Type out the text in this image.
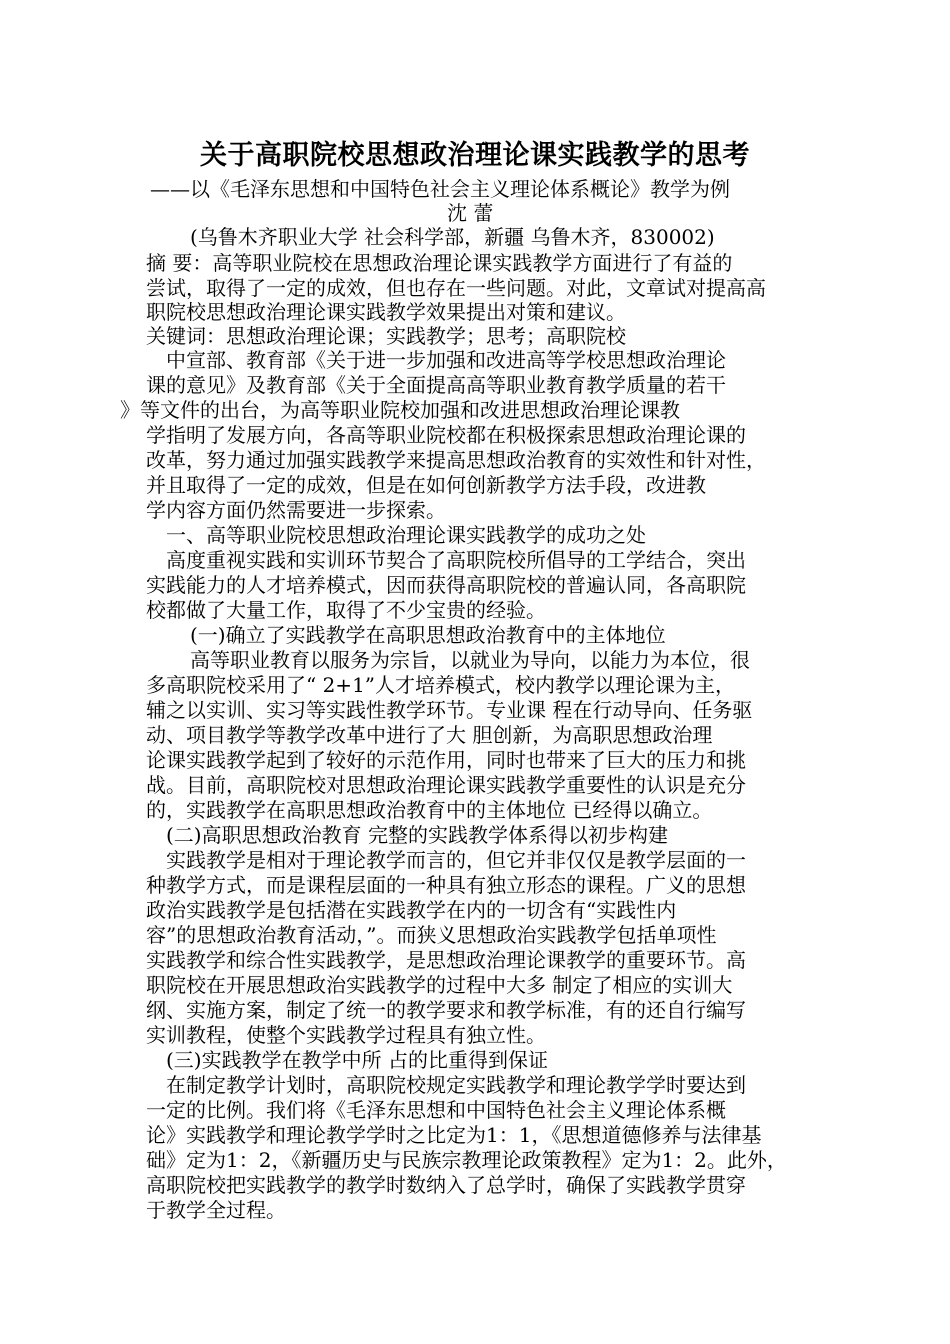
关于高职院校思想政治理论课实践教学的思考
——以《毛泽东思想和中国特色社会主义理论体系概论》教学为例
沈 蕾
(乌鲁木齐职业大学 社会科学部，新疆 乌鲁木齐，830002)
摘 要：高等职业院校在思想政治理论课实践教学方面进行了有益的
尝试，取得了一定的成效，但也存在一些问题。对此，文章试对提高高
职院校思想政治理论课实践教学效果提出对策和建议。
关键词：思想政治理论课；实践教学；思考；高职院校
中宣部、教育部《关于进一步加强和改进高等学校思想政治理论
课的意见》及教育部《关于全面提高高等职业教育教学质量的若干
》等文件的出台，为高等职业院校加强和改进思想政治理论课教
学指明了发展方向，各高等职业院校都在积极探索思想政治理论课的
改革，努力通过加强实践教学来提高思想政治教育的实效性和针对性，
并且取得了一定的成效，但是在如何创新教学方法手段，改进教
学内容方面仍然需要进一步探索。
一、高等职业院校思想政治理论课实践教学的成功之处
高度重视实践和实训环节契合了高职院校所倡导的工学结合，突出
实践能力的人才培养模式，因而获得高职院校的普遍认同，各高职院
校都做了大量工作，取得了不少宝贵的经验。
(一)确立了实践教学在高职思想政治教育中的主体地位
高等职业教育以服务为宗旨，以就业为导向，以能力为本位，很
多高职院校采用了“ 2+1”人才培养模式，校内教学以理论课为主，
辅之以实训、实习等实践性教学环节。专业课 程在行动导向、任务驱
动、项目教学等教学改革中进行了大 胆创新，为高职思想政治理
论课实践教学起到了较好的示范作用，同时也带来了巨大的压力和挑
战。目前，高职院校对思想政治理论课实践教学重要性的认识是充分
的，实践教学在高职思想政治教育中的主体地位 已经得以确立。
(二)高职思想政治教育 完整的实践教学体系得以初步构建
实践教学是相对于理论教学而言的，但它并非仅仅是教学层面的一
种教学方式，而是课程层面的一种具有独立形态的课程。广义的思想
政治实践教学是包括潜在实践教学在内的一切含有“实践性内
容”的思想政治教育活动，”。而狭义思想政治实践教学包括单项性
实践教学和综合性实践教学，是思想政治理论课教学的重要环节。高
职院校在开展思想政治实践教学的过程中大多 制定了相应的实训大
纲、实施方案，制定了统一的教学要求和教学标准，有的还自行编写
实训教程，使整个实践教学过程具有独立性。
(三)实践教学在教学中所 占的比重得到保证
在制定教学计划时，高职院校规定实践教学和理论教学学时要达到
一定的比例。我们将《毛泽东思想和中国特色社会主义理论体系概
论》实践教学和理论教学学时之比定为1：1，《思想道德修养与法律基
础》定为1：2，《新疆历史与民族宗教理论政策教程》定为1：2。此外，
高职院校把实践教学的教学时数纳入了总学时，确保了实践教学贯穿
于教学全过程。
